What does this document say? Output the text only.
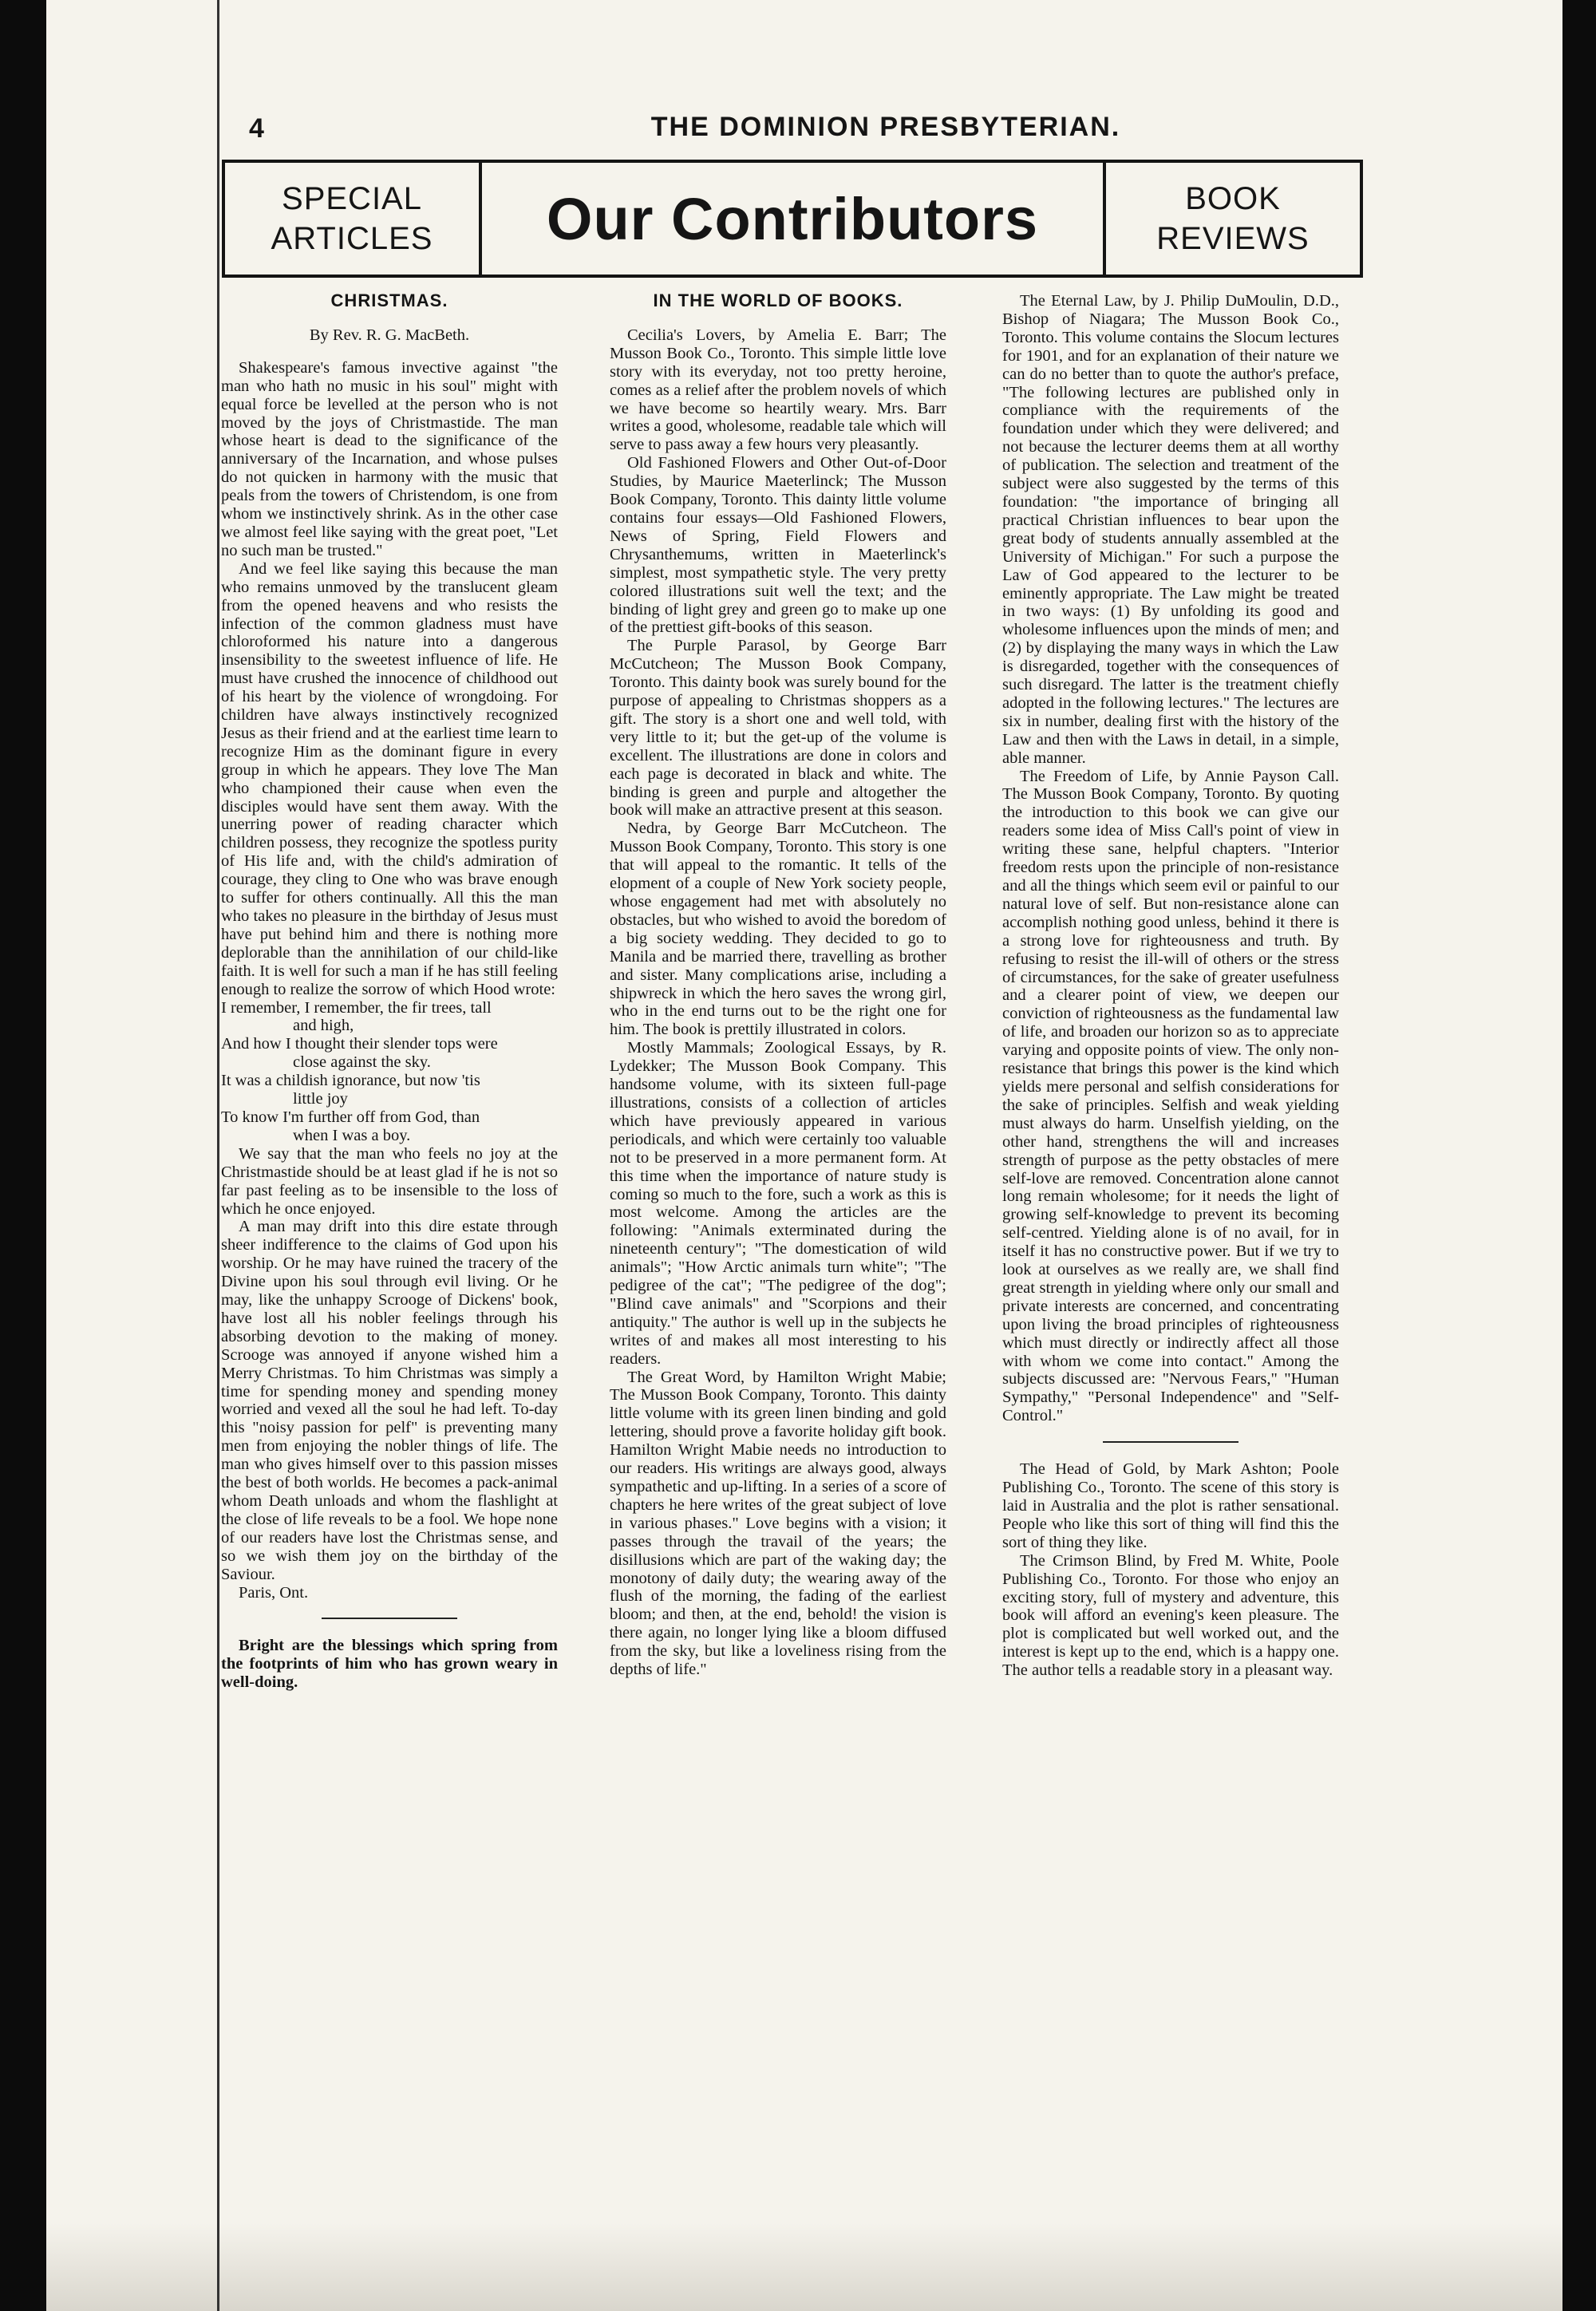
4	THE DOMINION PRESBYTERIAN.
SPECIAL
ARTICLES Our Contributors	BOOK
REVIEWS
CHRISTMAS.
By Rev. R. G. MacBeth.

Shakespeare's famous invective against "the man who hath no music in his soul" might with equal force be levelled at the person who is not moved by the joys of Christmastide. The man whose heart is dead to the significance of the anniversary of the Incarnation, and whose pulses do not quicken in harmony with the music that peals from the towers of Christendom, is one from whom we instinctively shrink. As in the other case we almost feel like saying with the great poet, "Let no such man be trusted."

And we feel like saying this because the man who remains unmoved by the translucent gleam from the opened heavens and who resists the infection of the common gladness must have chloroformed his nature into a dangerous insensibility to the sweetest influence of life. He must have crushed the innocence of childhood out of his heart by the violence of wrongdoing. For children have always instinctively recognized Jesus as their friend and at the earliest time learn to recognize Him as the dominant figure in every group in which he appears. They love The Man who championed their cause when even the disciples would have sent them away. With the unerring power of reading character which children possess, they recognize the spotless purity of His life and, with the child's admiration of courage, they cling to One who was brave enough to suffer for others continually. All this the man who takes no pleasure in the birthday of Jesus must have put behind him and there is nothing more deplorable than the annihilation of our child-like faith. It is well for such a man if he has still feeling enough to realize the sorrow of which Hood wrote:

I remember, I remember, the fir trees, tall
and high,
And how I thought their slender tops were
close against the sky.
It was a childish ignorance, but now 'tis
little joy
To know I'm further off from God, than
when I was a boy.

We say that the man who feels no joy at the Christmastide should be at least glad if he is not so far past feeling as to be insensible to the loss of which he once enjoyed.

A man may drift into this dire estate through sheer indifference to the claims of God upon his worship. Or he may have ruined the tracery of the Divine upon his soul through evil living. Or he may, like the unhappy Scrooge of Dickens' book, have lost all his nobler feelings through his absorbing devotion to the making of money. Scrooge was annoyed if anyone wished him a Merry Christmas. To him Christmas was simply a time for spending money and spending money worried and vexed all the soul he had left. To-day this "noisy passion for pelf" is preventing many men from enjoying the nobler things of life. The man who gives himself over to this passion misses the best of both worlds. He becomes a pack-animal whom Death unloads and whom the flashlight at the close of life reveals to be a fool. We hope none of our readers have lost the Christmas sense, and so we wish them joy on the birthday of the Saviour.

Paris, Ont.

Bright are the blessings which spring from the footprints of him who has grown weary in well-doing.

IN THE WORLD OF BOOKS.

Cecilia's Lovers, by Amelia E. Barr; The Musson Book Co., Toronto. This simple little love story with its everyday, not too pretty heroine, comes as a relief after the problem novels of which we have become so heartily weary. Mrs. Barr writes a good, wholesome, readable tale which will serve to pass away a few hours very pleasantly.

Old Fashioned Flowers and Other Out-of-Door Studies, by Maurice Maeterlinck; The Musson Book Company, Toronto. This dainty little volume contains four essays—Old Fashioned Flowers, News of Spring, Field Flowers and Chrysanthemums, written in Maeterlinck's simplest, most sympathetic style. The very pretty colored illustrations suit well the text; and the binding of light grey and green go to make up one of the prettiest gift-books of this season.

The Purple Parasol, by George Barr McCutcheon; The Musson Book Company, Toronto. This dainty book was surely bound for the purpose of appealing to Christmas shoppers as a gift. The story is a short one and well told, with very little to it; but the get-up of the volume is excellent. The illustrations are done in colors and each page is decorated in black and white. The binding is green and purple and altogether the book will make an attractive present at this season.

Nedra, by George Barr McCutcheon. The Musson Book Company, Toronto. This story is one that will appeal to the romantic. It tells of the elopment of a couple of New York society people, whose engagement had met with absolutely no obstacles, but who wished to avoid the boredom of a big society wedding. They decided to go to Manila and be married there, travelling as brother and sister. Many complications arise, including a shipwreck in which the hero saves the wrong girl, who in the end turns out to be the right one for him. The book is prettily illustrated in colors.

Mostly Mammals; Zoological Essays, by R. Lydekker; The Musson Book Company. This handsome volume, with its sixteen full-page illustrations, consists of a collection of articles which have previously appeared in various periodicals, and which were certainly too valuable not to be preserved in a more permanent form. At this time when the importance of nature study is coming so much to the fore, such a work as this is most welcome. Among the articles are the following: "Animals exterminated during the nineteenth century"; "The domestication of wild animals"; "How Arctic animals turn white"; "The pedigree of the cat"; "The pedigree of the dog"; "Blind cave animals" and "Scorpions and their antiquity." The author is well up in the subjects he writes of and makes all most interesting to his readers.

The Great Word, by Hamilton Wright Mabie; The Musson Book Company, Toronto. This dainty little volume with its green linen binding and gold lettering, should prove a favorite holiday gift book. Hamilton Wright Mabie needs no introduction to our readers. His writings are always good, always sympathetic and up-lifting. In a series of a score of chapters he here writes of the great subject of love in various phases." Love begins with a vision; it passes through the travail of the years; the disillusions which are part of the waking day; the monotony of daily duty; the wearing away of the flush of the morning, the fading of the earliest bloom; and then, at the end, behold! the vision is there again, no longer lying like a bloom diffused from the sky, but like a loveliness rising from the depths of life."

The Eternal Law, by J. Philip DuMoulin, D.D., Bishop of Niagara; The Musson Book Co., Toronto. This volume contains the Slocum lectures for 1901, and for an explanation of their nature we can do no better than to quote the author's preface, "The following lectures are published only in compliance with the requirements of the foundation under which they were delivered; and not because the lecturer deems them at all worthy of publication. The selection and treatment of the subject were also suggested by the terms of this foundation: "the importance of bringing all practical Christian influences to bear upon the great body of students annually assembled at the University of Michigan." For such a purpose the Law of God appeared to the lecturer to be eminently appropriate. The Law might be treated in two ways: (1) By unfolding its good and wholesome influences upon the minds of men; and (2) by displaying the many ways in which the Law is disregarded, together with the consequences of such disregard. The latter is the treatment chiefly adopted in the following lectures." The lectures are six in number, dealing first with the history of the Law and then with the Laws in detail, in a simple, able manner.

The Freedom of Life, by Annie Payson Call. The Musson Book Company, Toronto. By quoting the introduction to this book we can give our readers some idea of Miss Call's point of view in writing these sane, helpful chapters. "Interior freedom rests upon the principle of non-resistance and all the things which seem evil or painful to our natural love of self. But non-resistance alone can accomplish nothing good unless, behind it there is a strong love for righteousness and truth. By refusing to resist the ill-will of others or the stress of circumstances, for the sake of greater usefulness and a clearer point of view, we deepen our conviction of righteousness as the fundamental law of life, and broaden our horizon so as to appreciate varying and opposite points of view. The only non-resistance that brings this power is the kind which yields mere personal and selfish considerations for the sake of principles. Selfish and weak yielding must always do harm. Unselfish yielding, on the other hand, strengthens the will and increases strength of purpose as the petty obstacles of mere self-love are removed. Concentration alone cannot long remain wholesome; for it needs the light of growing self-knowledge to prevent its becoming self-centred. Yielding alone is of no avail, for in itself it has no constructive power. But if we try to look at ourselves as we really are, we shall find great strength in yielding where only our small and private interests are concerned, and concentrating upon living the broad principles of righteousness which must directly or indirectly affect all those with whom we come into contact." Among the subjects discussed are: "Nervous Fears," "Human Sympathy," "Personal Independence" and "Self-Control."

The Head of Gold, by Mark Ashton; Poole Publishing Co., Toronto. The scene of this story is laid in Australia and the plot is rather sensational. People who like this sort of thing will find this the sort of thing they like.

The Crimson Blind, by Fred M. White, Poole Publishing Co., Toronto. For those who enjoy an exciting story, full of mystery and adventure, this book will afford an evening's keen pleasure. The plot is complicated but well worked out, and the interest is kept up to the end, which is a happy one. The author tells a readable story in a pleasant way.
